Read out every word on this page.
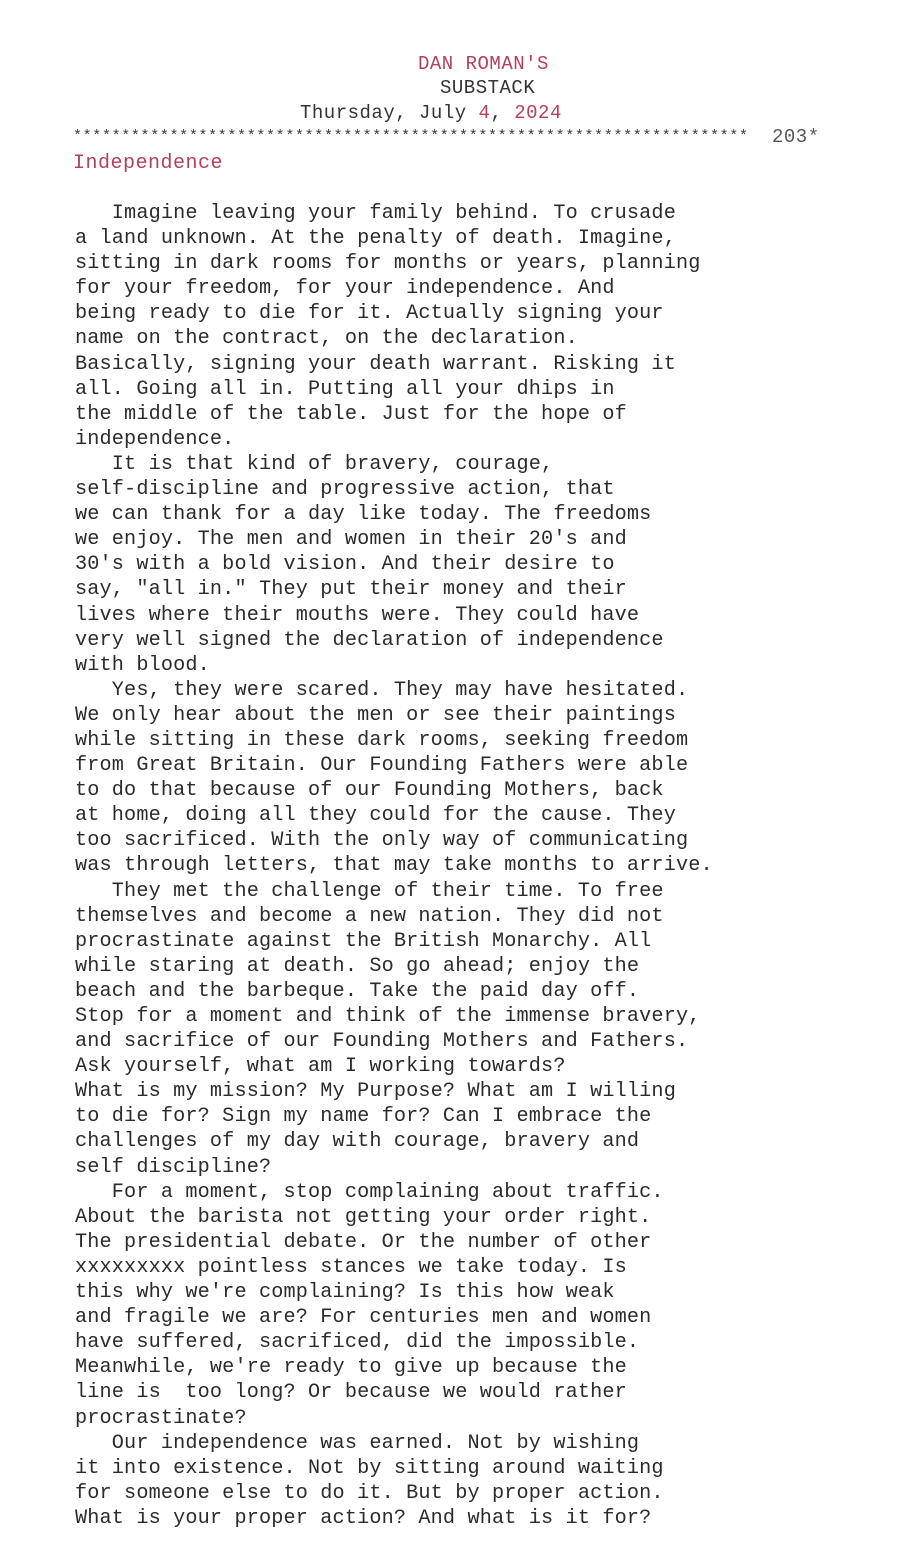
DAN ROMAN'S
SUBSTACK
Thursday, July 4, 2024
**********************************************************************	203*
Independence
Imagine leaving your family behind. To crusade
a land unknown. At the penalty of death. Imagine,
sitting in dark rooms for months or years, planning
for your freedom, for your independence. And
being ready to die for it. Actually signing your
name on the contract, on the declaration.
Basically, signing your death warrant. Risking it
all. Going all in. Putting all your dhips in
the middle of the table. Just for the hope of
independence.
It is that kind of bravery, courage,
self-discipline and progressive action, that
we can thank for a day like today. The freedoms
we enjoy. The men and women in their 20's and
30's with a bold vision. And their desire to
say, "all in." They put their money and their
lives where their mouths were. They could have
very well signed the declaration of independence
with blood.
Yes, they were scared. They may have hesitated.
We only hear about the men or see their paintings
while sitting in these dark rooms, seeking freedom
from Great Britain. Our Founding Fathers were able
to do that because of our Founding Mothers, back
at home, doing all they could for the cause. They
too sacrificed. With the only way of communicating
was through letters, that may take months to arrive.
They met the challenge of their time. To free
themselves and become a new nation. They did not
procrastinate against the British Monarchy. All
while staring at death. So go ahead; enjoy the
beach and the barbeque. Take the paid day off.
Stop for a moment and think of the immense bravery,
and sacrifice of our Founding Mothers and Fathers.
Ask yourself, what am I working towards?
What is my mission? My Purpose? What am I willing
to die for? Sign my name for? Can I embrace the
challenges of my day with courage, bravery and
self discipline?
For a moment, stop complaining about traffic.
About the barista not getting your order right.
The presidential debate. Or the number of other
xxxxxxxxx pointless stances we take today. Is
this why we're complaining? Is this how weak
and fragile we are? For centuries men and women
have suffered, sacrificed, did the impossible.
Meanwhile, we're ready to give up because the
line is  too long? Or because we would rather
procrastinate?
Our independence was earned. Not by wishing
it into existence. Not by sitting around waiting
for someone else to do it. But by proper action.
What is your proper action? And what is it for?
